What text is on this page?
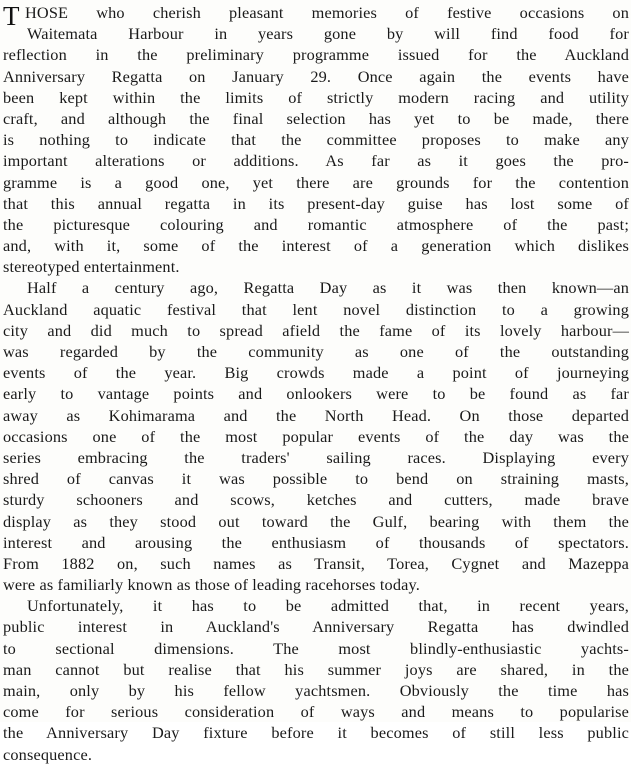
T HOSE who cherish pleasant memories of festive occasions on
Waitemata Harbour in years gone by will find food for
reflection in the preliminary programme issued for the Auckland
Anniversary Regatta on January 29. Once again the events have
been kept within the limits of strictly modern racing and utility
craft, and although the final selection has yet to be made, there
is nothing to indicate that the committee proposes to make any
important alterations or additions. As far as it goes the pro-
gramme is a good one, yet there are grounds for the contention
that this annual regatta in its present-day guise has lost some of
the picturesque colouring and romantic atmosphere of the past;
and, with it, some of the interest of a generation which dislikes
stereotyped entertainment.
Half a century ago, Regatta Day as it was then known—an
Auckland aquatic festival that lent novel distinction to a growing
city and did much to spread afield the fame of its lovely harbour—
was regarded by the community as one of the outstanding
events of the year. Big crowds made a point of journeying
early to vantage points and onlookers were to be found as far
away as Kohimarama and the North Head. On those departed
occasions one of the most popular events of the day was the
series embracing the traders' sailing races. Displaying every
shred of canvas it was possible to bend on straining masts,
sturdy schooners and scows, ketches and cutters, made brave
display as they stood out toward the Gulf, bearing with them the
interest and arousing the enthusiasm of thousands of spectators.
From 1882 on, such names as Transit, Torea, Cygnet and Mazeppa
were as familiarly known as those of leading racehorses today.
Unfortunately, it has to be admitted that, in recent years,
public interest in Auckland's Anniversary Regatta has dwindled
to sectional dimensions. The most blindly-enthusiastic yachts-
man cannot but realise that his summer joys are shared, in the
main, only by his fellow yachtsmen. Obviously the time has
come for serious consideration of ways and means to popularise
the Anniversary Day fixture before it becomes of still less public
consequence.
